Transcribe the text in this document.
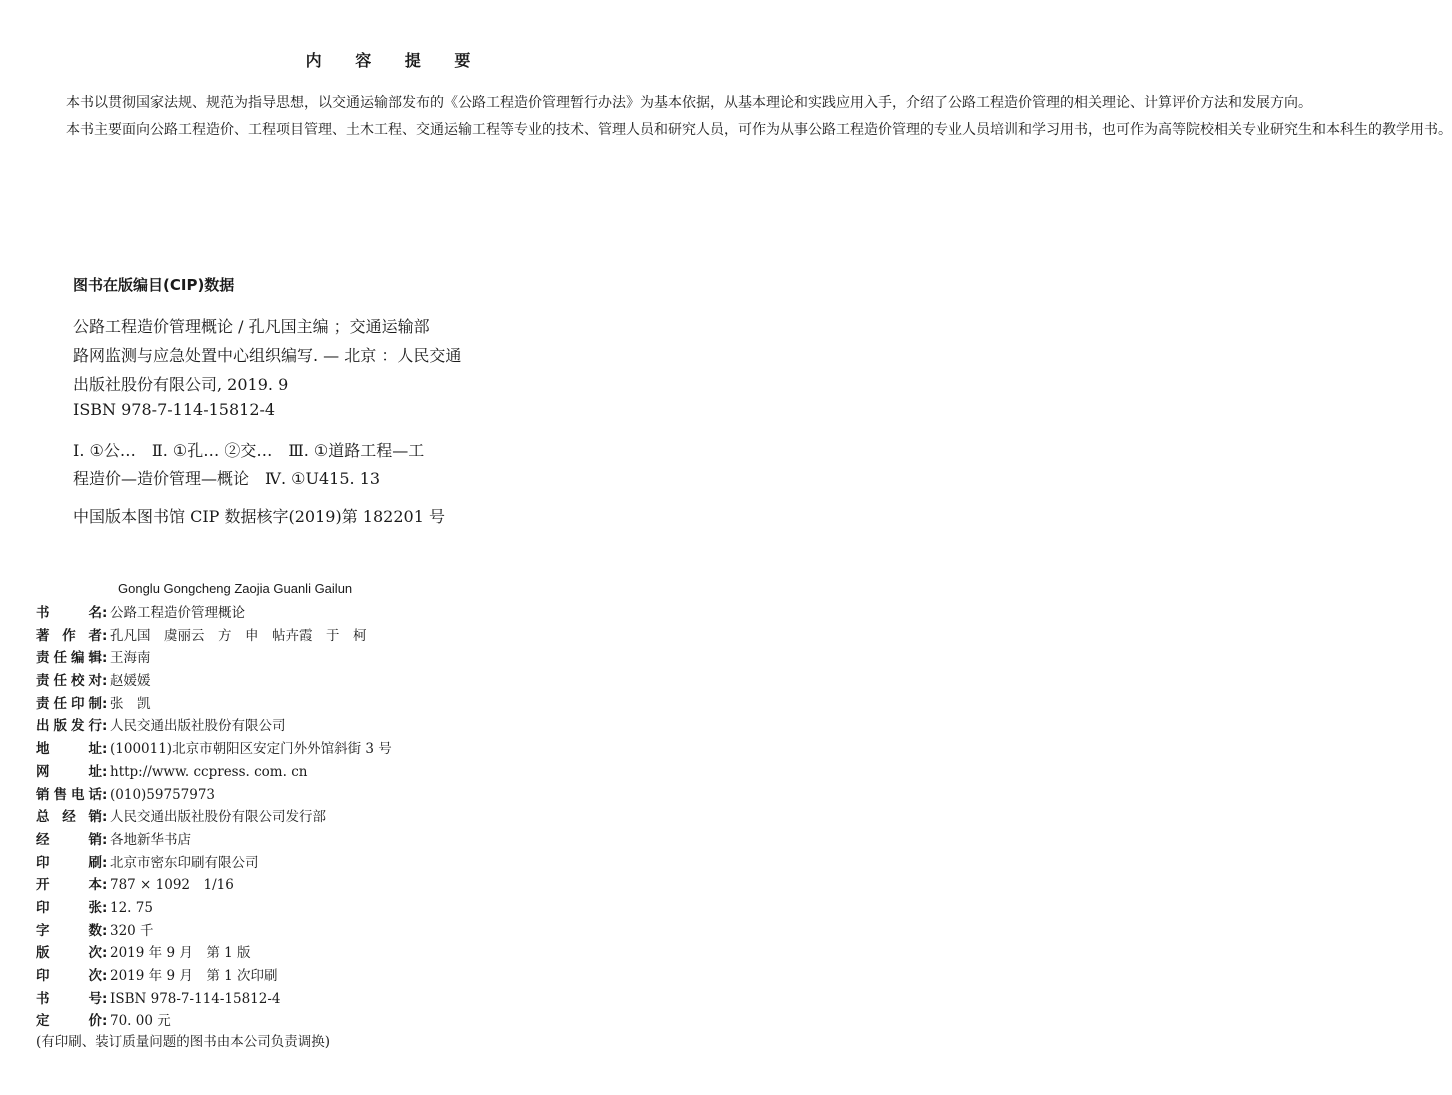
内 容 提 要

本书以贯彻国家法规、规范为指导思想，以交通运输部发布的《公路工程造价管理暂行办法》为基本依据，从基本理论和实践应用入手，介绍了公路工程造价管理的相关理论、计算评价方法和发展方向。

本书主要面向公路工程造价、工程项目管理、土木工程、交通运输工程等专业的技术、管理人员和研究人员，可作为从事公路工程造价管理的专业人员培训和学习用书，也可作为高等院校相关专业研究生和本科生的教学用书。

图书在版编目(CIP)数据
公路工程造价管理概论 / 孔凡国主编 ；交通运输部
路网监测与应急处置中心组织编写. — 北京 ：人民交通
出版社股份有限公司, 2019. 9
ISBN 978-7-114-15812-4
Ⅰ. ①公…　Ⅱ. ①孔… ②交…　Ⅲ. ①道路工程—工
程造价—造价管理—概论　Ⅳ. ①U415. 13
中国版本图书馆 CIP 数据核字(2019)第 182201 号
Gonglu Gongcheng Zaojia Guanli Gailun
书名 : 公路工程造价管理概论
著作者 : 孔凡国　虞丽云　方　申　帖卉霞　于　柯
责任编辑 : 王海南
责任校对 : 赵媛媛
责任印制 : 张　凯
出版发行 : 人民交通出版社股份有限公司
地址 : (100011)北京市朝阳区安定门外外馆斜街 3 号
网址 : http://www. ccpress. com. cn
销售电话 : (010)59757973
总经销 : 人民交通出版社股份有限公司发行部
经销 : 各地新华书店
印刷 : 北京市密东印刷有限公司
开本 : 787 × 1092　1/16
印张 : 12. 75
字数 : 320 千
版次 : 2019 年 9 月　第 1 版
印次 : 2019 年 9 月　第 1 次印刷
书号 : ISBN 978-7-114-15812-4
定价 : 70. 00 元
(有印刷、装订质量问题的图书由本公司负责调换)
